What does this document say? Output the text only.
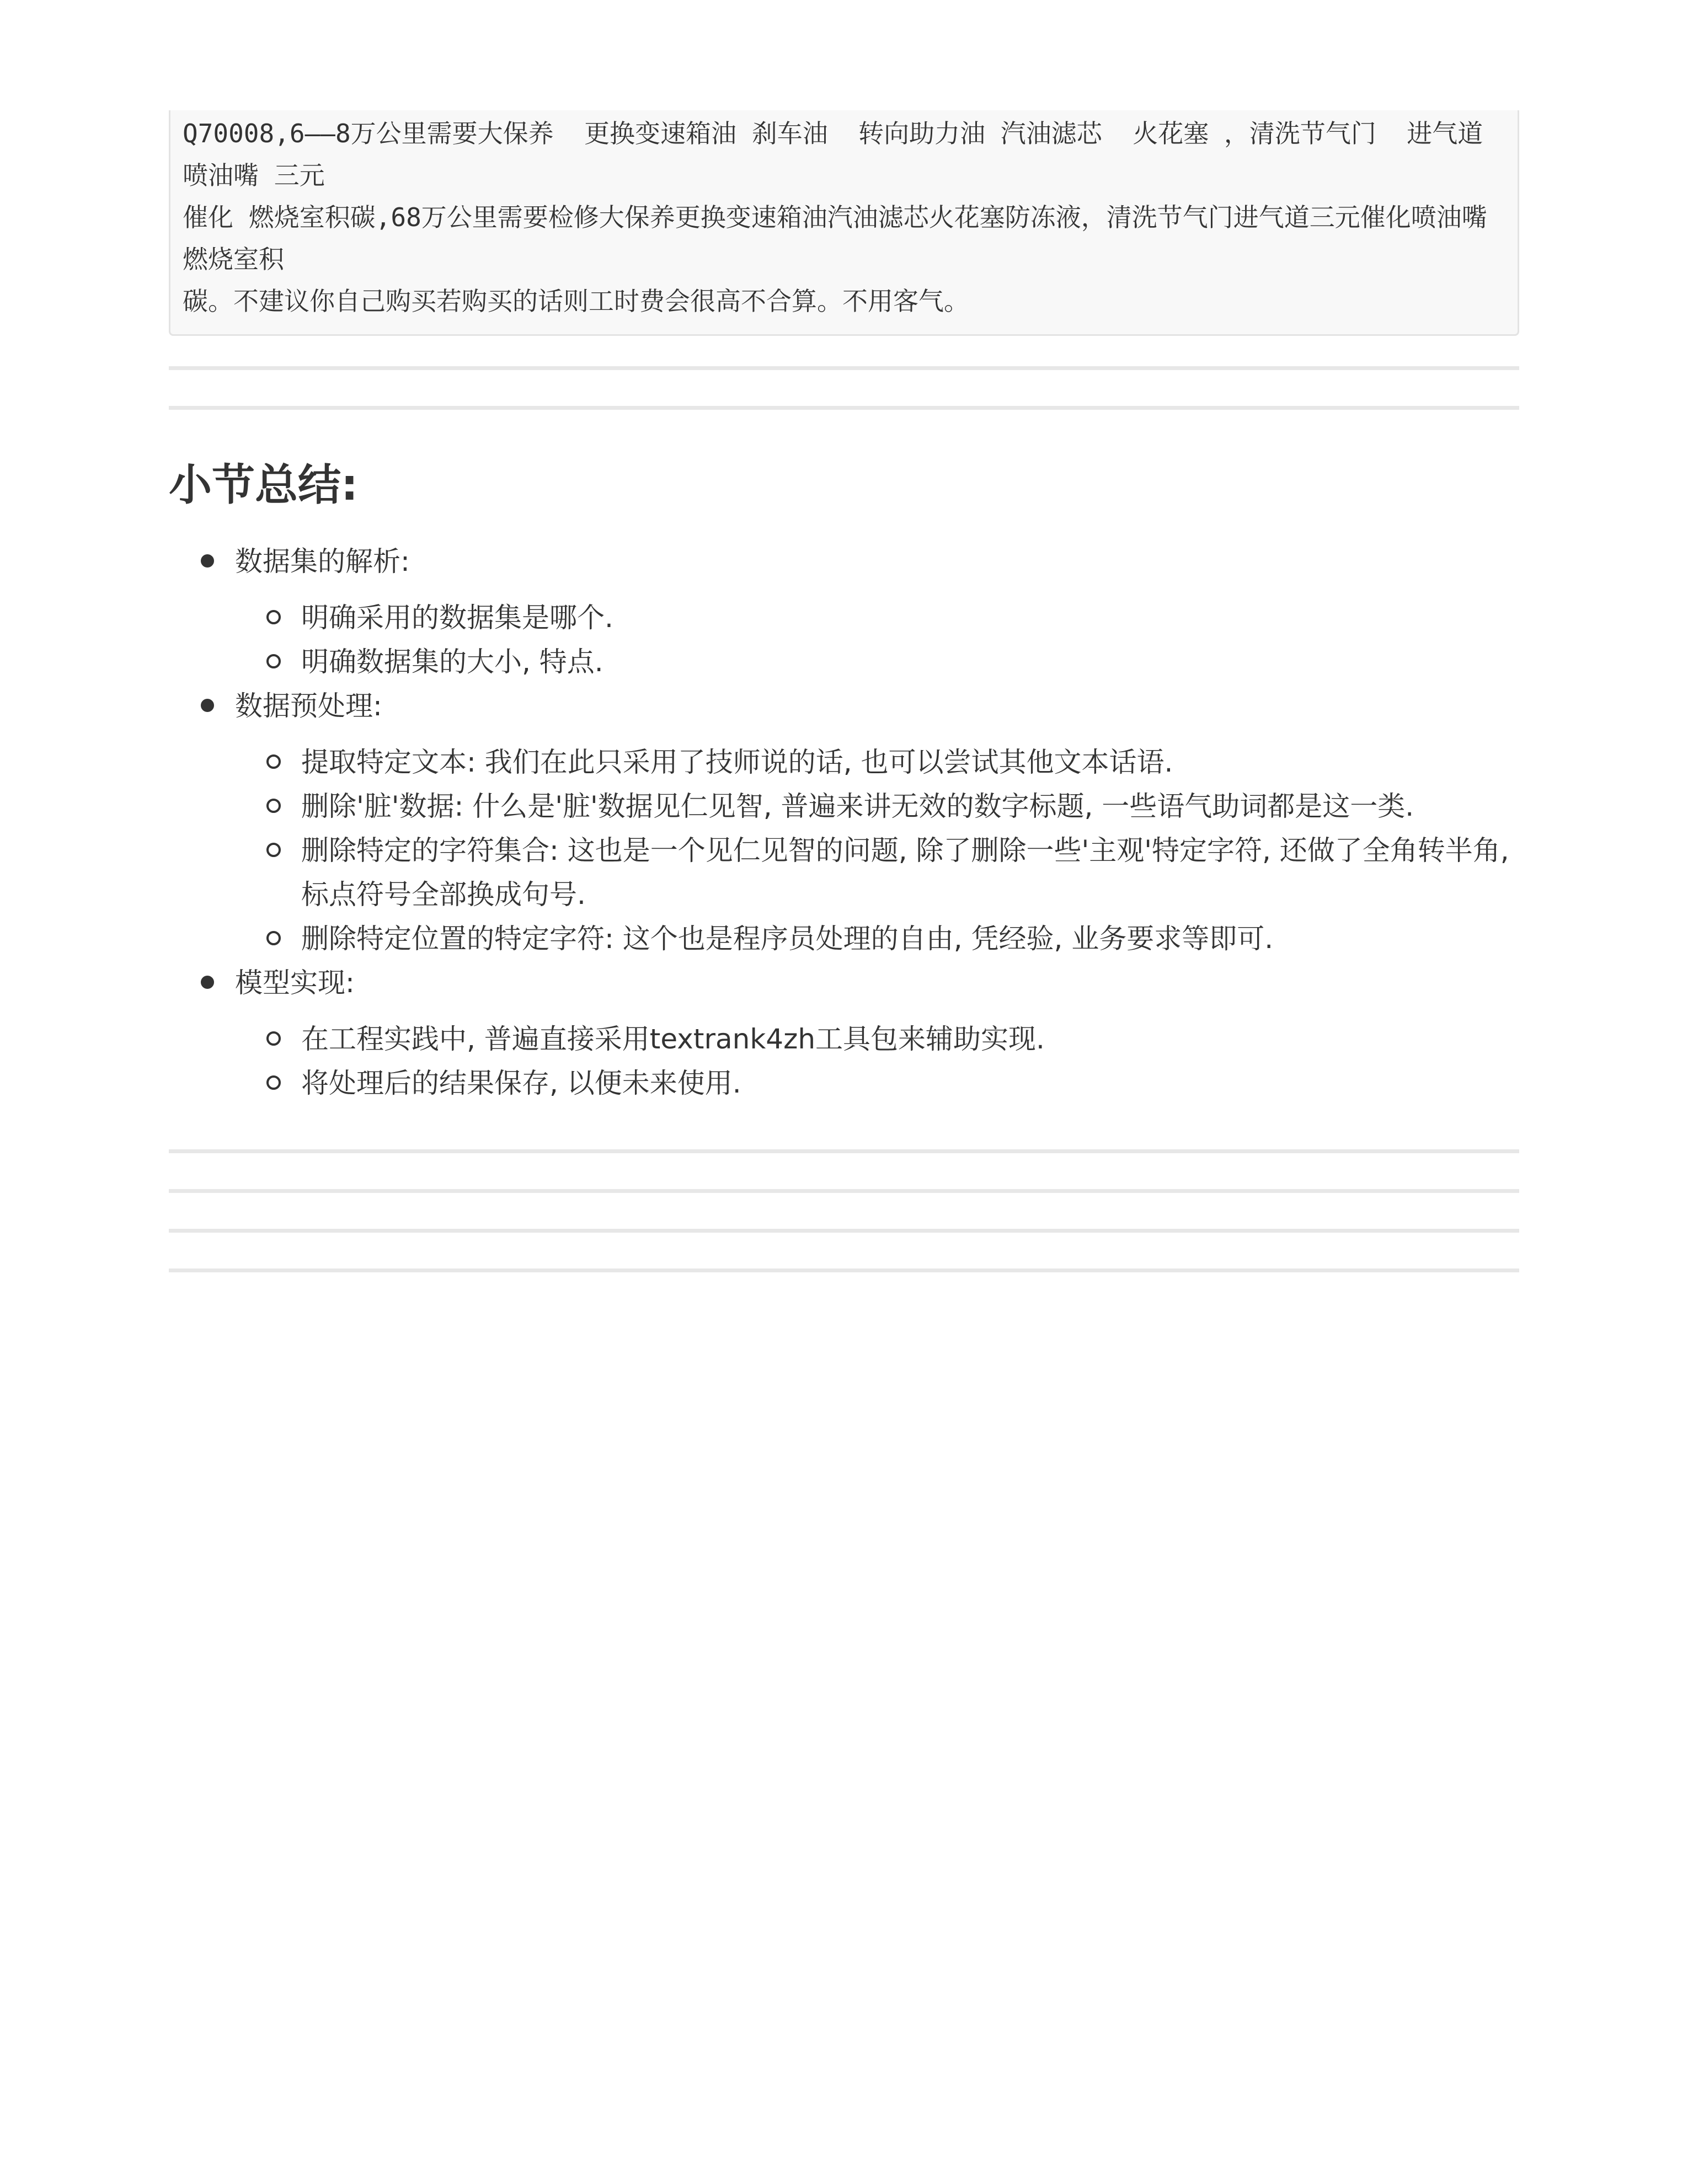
Q70008,6——8万公里需要大保养  更换变速箱油 刹车油  转向助力油 汽油滤芯  火花塞 ，清洗节气门  进气道 喷油嘴 三元

催化 燃烧室积碳,68万公里需要检修大保养更换变速箱油汽油滤芯火花塞防冻液，清洗节气门进气道三元催化喷油嘴燃烧室积

碳。不建议你自己购买若购买的话则工时费会很高不合算。不用客气。

小节总结:
数据集的解析:
明确采用的数据集是哪个.
明确数据集的大小, 特点.
数据预处理:
提取特定文本: 我们在此只采用了技师说的话, 也可以尝试其他文本话语.
删除'脏'数据: 什么是'脏'数据见仁见智, 普遍来讲无效的数字标题, 一些语气助词都是这一类.
删除特定的字符集合: 这也是一个见仁见智的问题, 除了删除一些'主观'特定字符, 还做了全角转半角, 标点符号全部换成句号.
删除特定位置的特定字符: 这个也是程序员处理的自由, 凭经验, 业务要求等即可.
模型实现:
在工程实践中, 普遍直接采用textrank4zh工具包来辅助实现.
将处理后的结果保存, 以便未来使用.
